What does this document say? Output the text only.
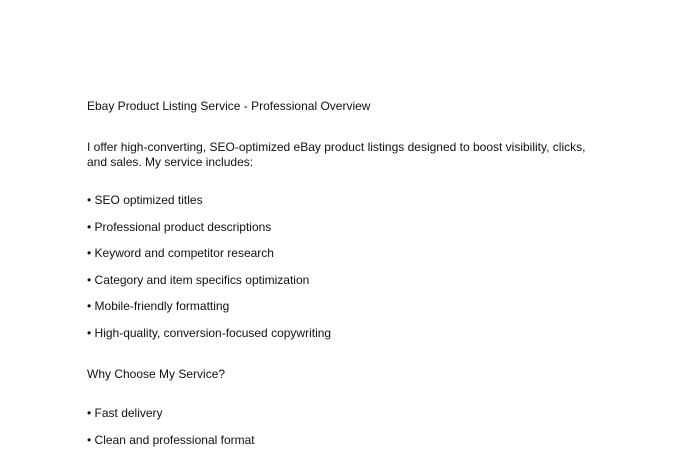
Ebay Product Listing Service - Professional Overview
I offer high-converting, SEO-optimized eBay product listings designed to boost visibility, clicks, and sales. My service includes:
• SEO optimized titles
• Professional product descriptions
• Keyword and competitor research
• Category and item specifics optimization
• Mobile-friendly formatting
• High-quality, conversion-focused copywriting
Why Choose My Service?
• Fast delivery
• Clean and professional format
